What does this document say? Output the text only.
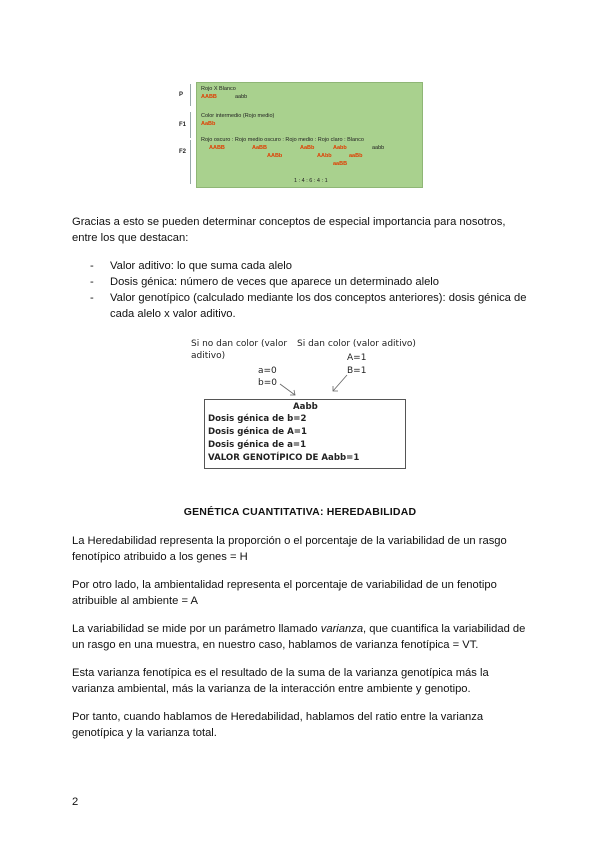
P
F1
F2
Rojo X Blanco
AABB	aabb
Color intermedio (Rojo medio)
AaBb
Rojo oscuro : Rojo medio oscuro : Rojo medio : Rojo claro : Blanco
AABB	AaBB	AaBb	Aabb	aabb
AABb	AAbb	aaBb
aaBB
1 : 4 : 6 : 4 : 1
Gracias a esto se pueden determinar conceptos de especial importancia para nosotros, entre los que destacan:
- Valor aditivo: lo que suma cada alelo
- Dosis génica: número de veces que aparece un determinado alelo
- Valor genotípico (calculado mediante los dos conceptos anteriores): dosis génica de cada alelo x valor aditivo.
Si no dan color (valor
aditivo)
a=0
b=0
Si dan color (valor aditivo)
A=1
B=1
Aabb
Dosis génica de b=2
Dosis génica de A=1
Dosis génica de a=1
VALOR GENOTÍPICO DE Aabb=1
GENÉTICA CUANTITATIVA: HEREDABILIDAD
La Heredabilidad representa la proporción o el porcentaje de la variabilidad de un rasgo fenotípico atribuido a los genes = H
Por otro lado, la ambientalidad representa el porcentaje de variabilidad de un fenotipo atribuible al ambiente = A
La variabilidad se mide por un parámetro llamado varianza, que cuantifica la variabilidad de un rasgo en una muestra, en nuestro caso, hablamos de varianza fenotípica = VT.
Esta varianza fenotípica es el resultado de la suma de la varianza genotípica más la varianza ambiental, más la varianza de la interacción entre ambiente y genotipo.
Por tanto, cuando hablamos de Heredabilidad, hablamos del ratio entre la varianza genotípica y la varianza total.
2
